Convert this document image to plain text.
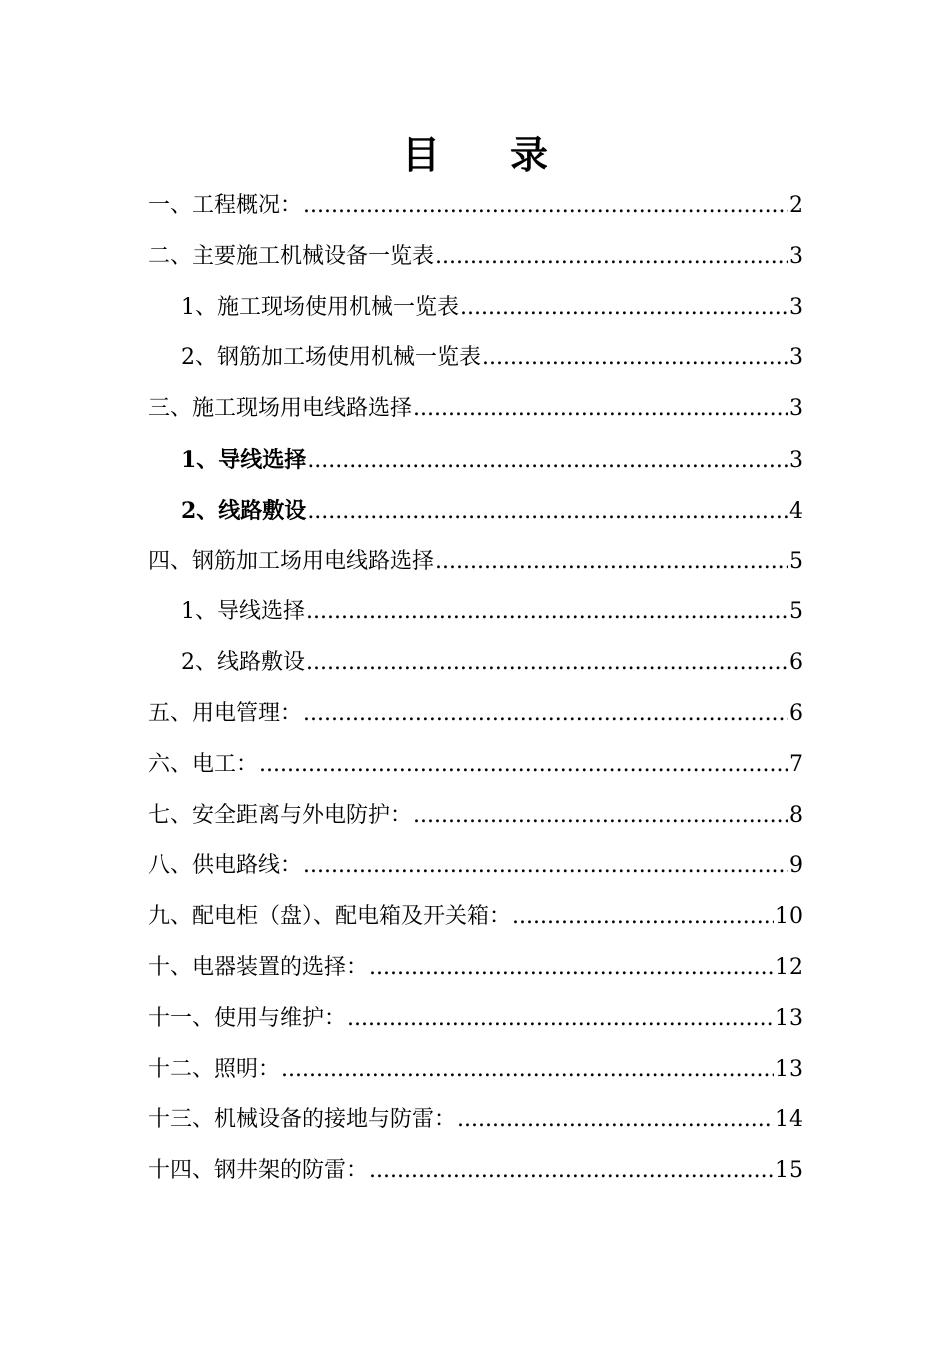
目录
一、工程概况： .....	2
二、主要施工机械设备一览表 .....	3
1、施工现场使用机械一览表 .....	3
2、钢筋加工场使用机械一览表 .....	3
三、施工现场用电线路选择 .....	3
1、导线选择 .....	3
2、线路敷设 .....	4
四、钢筋加工场用电线路选择 .....	5
1、导线选择 .....	5
2、线路敷设 .....	6
五、用电管理： .....	6
六、电工： .....	7
七、安全距离与外电防护： .....	8
八、供电路线： .....	9
九、配电柜（盘）、配电箱及开关箱： .....	10
十、电器装置的选择： .....	12
十一、使用与维护： .....	13
十二、照明： .....	13
十三、机械设备的接地与防雷： .....	14
十四、钢井架的防雷： .....	15
